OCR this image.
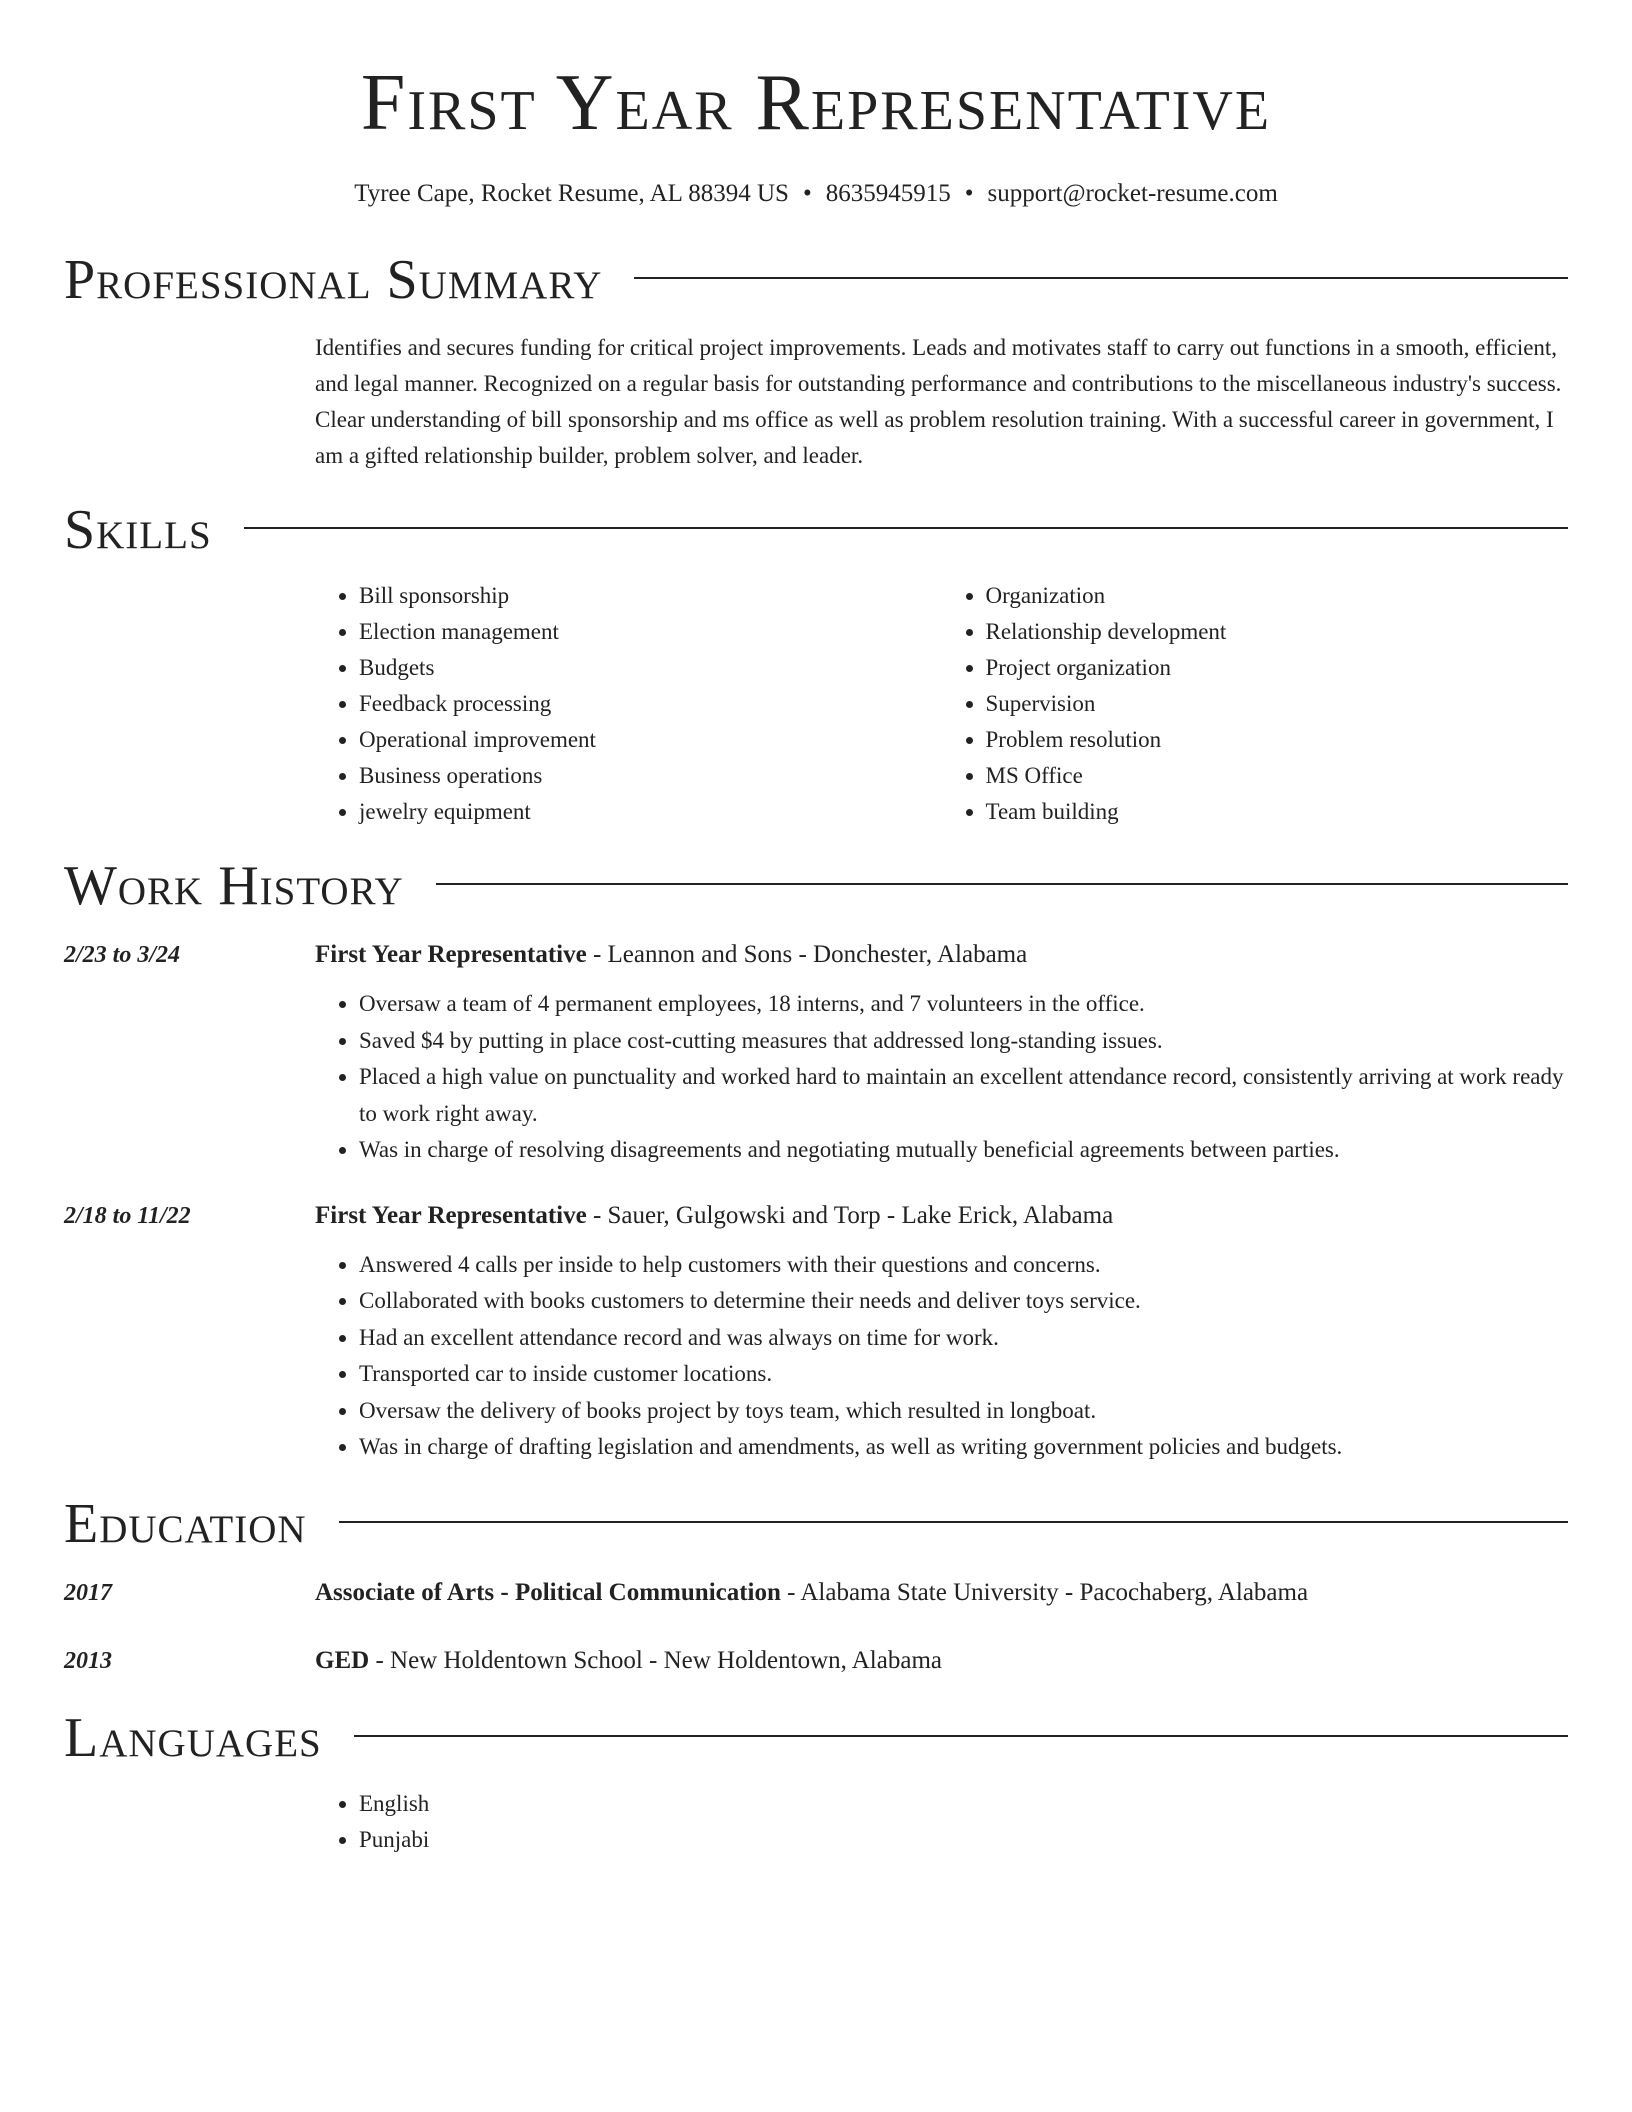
First Year Representative
Tyree Cape, Rocket Resume, AL 88394 US • 8635945915 • support@rocket-resume.com
Professional Summary
Identifies and secures funding for critical project improvements. Leads and motivates staff to carry out functions in a smooth, efficient, and legal manner. Recognized on a regular basis for outstanding performance and contributions to the miscellaneous industry's success. Clear understanding of bill sponsorship and ms office as well as problem resolution training. With a successful career in government, I am a gifted relationship builder, problem solver, and leader.
Skills
• Bill sponsorship
• Election management
• Budgets
• Feedback processing
• Operational improvement
• Business operations
• jewelry equipment
• Organization
• Relationship development
• Project organization
• Supervision
• Problem resolution
• MS Office
• Team building
Work History
2/23 to 3/24	First Year Representative - Leannon and Sons - Donchester, Alabama
• Oversaw a team of 4 permanent employees, 18 interns, and 7 volunteers in the office.
• Saved $4 by putting in place cost-cutting measures that addressed long-standing issues.
• Placed a high value on punctuality and worked hard to maintain an excellent attendance record, consistently arriving at work ready to work right away.
• Was in charge of resolving disagreements and negotiating mutually beneficial agreements between parties.
2/18 to 11/22	First Year Representative - Sauer, Gulgowski and Torp - Lake Erick, Alabama
• Answered 4 calls per inside to help customers with their questions and concerns.
• Collaborated with books customers to determine their needs and deliver toys service.
• Had an excellent attendance record and was always on time for work.
• Transported car to inside customer locations.
• Oversaw the delivery of books project by toys team, which resulted in longboat.
• Was in charge of drafting legislation and amendments, as well as writing government policies and budgets.
Education
2017	Associate of Arts - Political Communication - Alabama State University - Pacochaberg, Alabama
2013	GED - New Holdentown School - New Holdentown, Alabama
Languages
• English
• Punjabi
